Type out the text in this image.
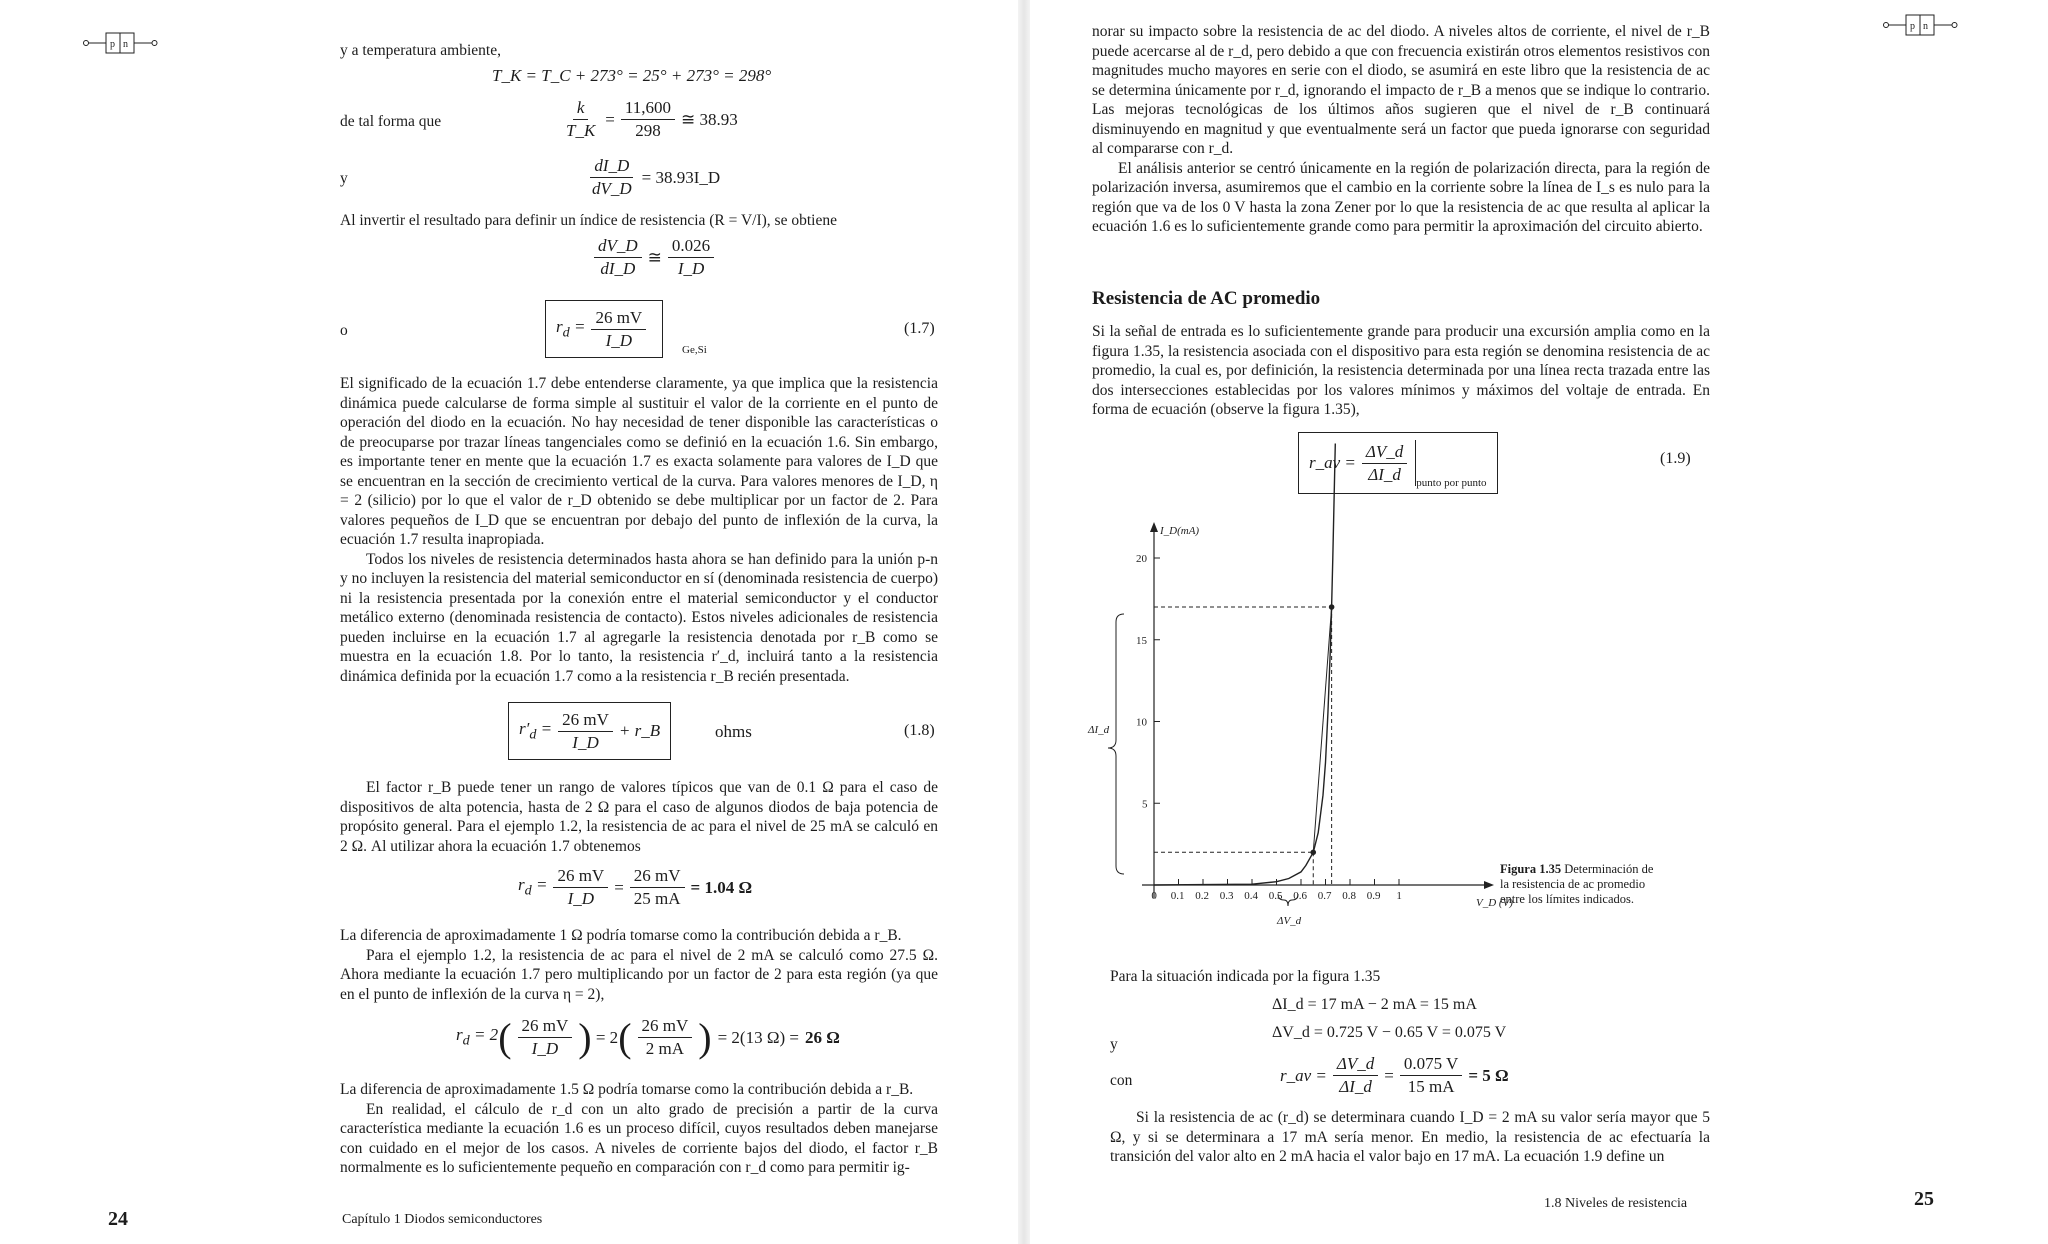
p n	y a temperatura ambiente,
T_K = T_C + 273° = 25° + 273° = 298°
de tal forma que	$\frac{k}{T\_K} = \frac{11,600}{298}$ ≅ 38.93
y	$\frac{dI\_D}{dV\_D}$ = 38.93I_D
Al invertir el resultado para definir un índice de resistencia (R = V/I), se obtiene
$\frac{dV\_D}{dI\_D}$ ≅ $\frac{0.026}{I\_D}$
o	$r_d = \frac{26 mV}{I\_D}$	Ge,Si
(1.7)

El significado de la ecuación 1.7 debe entenderse claramente, ya que implica que la resistencia dinámica puede calcularse de forma simple al sustituir el valor de la corriente en el punto de operación del diodo en la ecuación. No hay necesidad de tener disponible las características o de preocuparse por trazar líneas tangenciales como se definió en la ecuación 1.6. Sin embargo, es importante tener en mente que la ecuación 1.7 es exacta solamente para valores de I_D que se encuentran en la sección de crecimiento vertical de la curva. Para valores menores de I_D, η = 2 (silicio) por lo que el valor de r_D obtenido se debe multiplicar por un factor de 2. Para valores pequeños de I_D que se encuentran por debajo del punto de inflexión de la curva, la ecuación 1.7 resulta inapropiada.

Todos los niveles de resistencia determinados hasta ahora se han definido para la unión p-n y no incluyen la resistencia del material semiconductor en sí (denominada resistencia de cuerpo) ni la resistencia presentada por la conexión entre el material semiconductor y el conductor metálico externo (denominada resistencia de contacto). Estos niveles adicionales de resistencia pueden incluirse en la ecuación 1.7 al agregarle la resistencia denotada por r_B como se muestra en la ecuación 1.8. Por lo tanto, la resistencia r′_d, incluirá tanto a la resistencia dinámica definida por la ecuación 1.7 como a la resistencia r_B recién presentada.

$r'_d = \frac{26 mV}{I\_D}$ + r_B	ohms	(1.8)

El factor r_B puede tener un rango de valores típicos que van de 0.1 Ω para el caso de dispositivos de alta potencia, hasta de 2 Ω para el caso de algunos diodos de baja potencia de propósito general. Para el ejemplo 1.2, la resistencia de ac para el nivel de 25 mA se calculó en 2 Ω. Al utilizar ahora la ecuación 1.7 obtenemos

$r_d = \frac{26 mV}{I\_D} = \frac{26 mV}{25 mA} = 1.04$ Ω

La diferencia de aproximadamente 1 Ω podría tomarse como la contribución debida a r_B.

Para el ejemplo 1.2, la resistencia de ac para el nivel de 2 mA se calculó como 27.5 Ω. Ahora mediante la ecuación 1.7 pero multiplicando por un factor de 2 para esta región (ya que en el punto de inflexión de la curva η = 2),

$r_d = 2$ ( $\frac{26 mV}{I\_D}$ ) = 2 ( $\frac{26 mV}{2 mA}$ ) = 2(13 Ω) = 26 Ω

La diferencia de aproximadamente 1.5 Ω podría tomarse como la contribución debida a r_B.

En realidad, el cálculo de r_d con un alto grado de precisión a partir de la curva característica mediante la ecuación 1.6 es un proceso difícil, cuyos resultados deben manejarse con cuidado en el mejor de los casos. A niveles de corriente bajos del diodo, el factor r_B normalmente es lo suficientemente pequeño en comparación con r_d como para permitir ig-

24	Capítulo 1 Diodos semiconductores
p n

norar su impacto sobre la resistencia de ac del diodo. A niveles altos de corriente, el nivel de r_B puede acercarse al de r_d, pero debido a que con frecuencia existirán otros elementos resistivos con magnitudes mucho mayores en serie con el diodo, se asumirá en este libro que la resistencia de ac se determina únicamente por r_d, ignorando el impacto de r_B a menos que se indique lo contrario. Las mejoras tecnológicas de los últimos años sugieren que el nivel de r_B continuará disminuyendo en magnitud y que eventualmente será un factor que pueda ignorarse con seguridad al compararse con r_d.

El análisis anterior se centró únicamente en la región de polarización directa, para la región de polarización inversa, asumiremos que el cambio en la corriente sobre la línea de I_s es nulo para la región que va de los 0 V hasta la zona Zener por lo que la resistencia de ac que resulta al aplicar la ecuación 1.6 es lo suficientemente grande como para permitir la aproximación del circuito abierto.

Resistencia de AC promedio

Si la señal de entrada es lo suficientemente grande para producir una excursión amplia como en la figura 1.35, la resistencia asociada con el dispositivo para esta región se denomina resistencia de ac promedio, la cual es, por definición, la resistencia determinada por una línea recta trazada entre las dos intersecciones establecidas por los valores mínimos y máximos del voltaje de entrada. En forma de ecuación (observe la figura 1.35),

r_av = $\frac{\Delta V\_d}{\Delta I\_d}$ punto por punto
(1.9)
ΔI_d
ΔV_d
I_D(mA)
V_D (V)
0 0.1 0.2 0.3 0.4 0.5 0.6 0.7 0.8 0.9 1
5
10
15
20
Figura 1.35 Determinación de la resistencia de ac promedio entre los límites indicados.
Para la situación indicada por la figura 1.35
ΔI_d = 17 mA − 2 mA = 15 mA
y
ΔV_d = 0.725 V − 0.65 V = 0.075 V
con	r_av = $\frac{\Delta V\_d}{\Delta I\_d} = \frac{0.075 V}{15 mA} = 5$ Ω

Si la resistencia de ac (r_d) se determinara cuando I_D = 2 mA su valor sería mayor que 5 Ω, y si se determinara a 17 mA sería menor. En medio, la resistencia de ac efectuaría la transición del valor alto en 2 mA hacia el valor bajo en 17 mA. La ecuación 1.9 define un

1.8 Niveles de resistencia	25
